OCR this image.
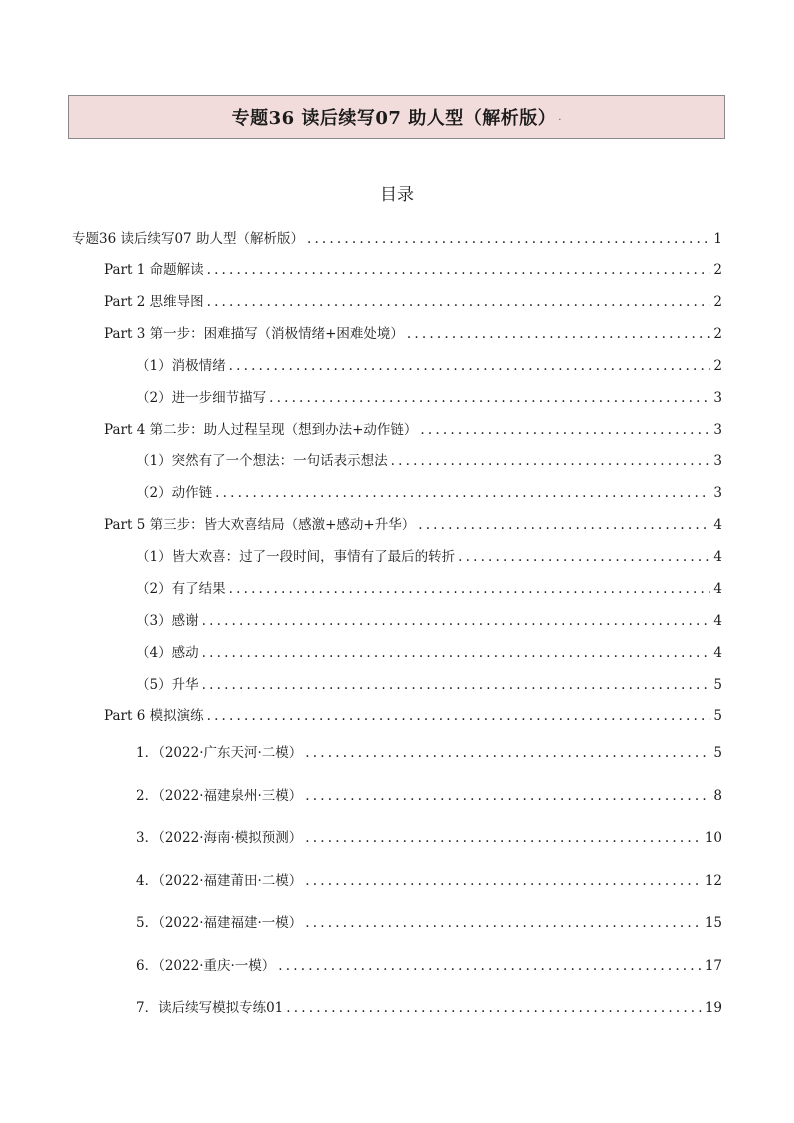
专题36 读后续写07 助人型（解析版） .
目录
专题36 读后续写07 助人型（解析版） .....	1
Part 1 命题解读 .....	2
Part 2 思维导图 .....	2
Part 3 第一步：困难描写（消极情绪+困难处境） .....	2
（1）消极情绪 .....	2
（2）进一步细节描写 .....	3
Part 4 第二步：助人过程呈现（想到办法+动作链） .....	3
（1）突然有了一个想法：一句话表示想法 .....	3
（2）动作链 .....	3
Part 5 第三步：皆大欢喜结局（感激+感动+升华） .....	4
（1）皆大欢喜：过了一段时间，事情有了最后的转折 .....	4
（2）有了结果 .....	4
（3）感谢 .....	4
（4）感动 .....	4
（5）升华 .....	5
Part 6 模拟演练 .....	5
1．（2022·广东天河·二模） .....	5
2．（2022·福建泉州·三模） .....	8
3．（2022·海南·模拟预测） .....	10
4．（2022·福建莆田·二模） .....	12
5．（2022·福建福建·一模） .....	15
6．（2022·重庆·一模） .....	17
7．读后续写模拟专练01 .....	19
